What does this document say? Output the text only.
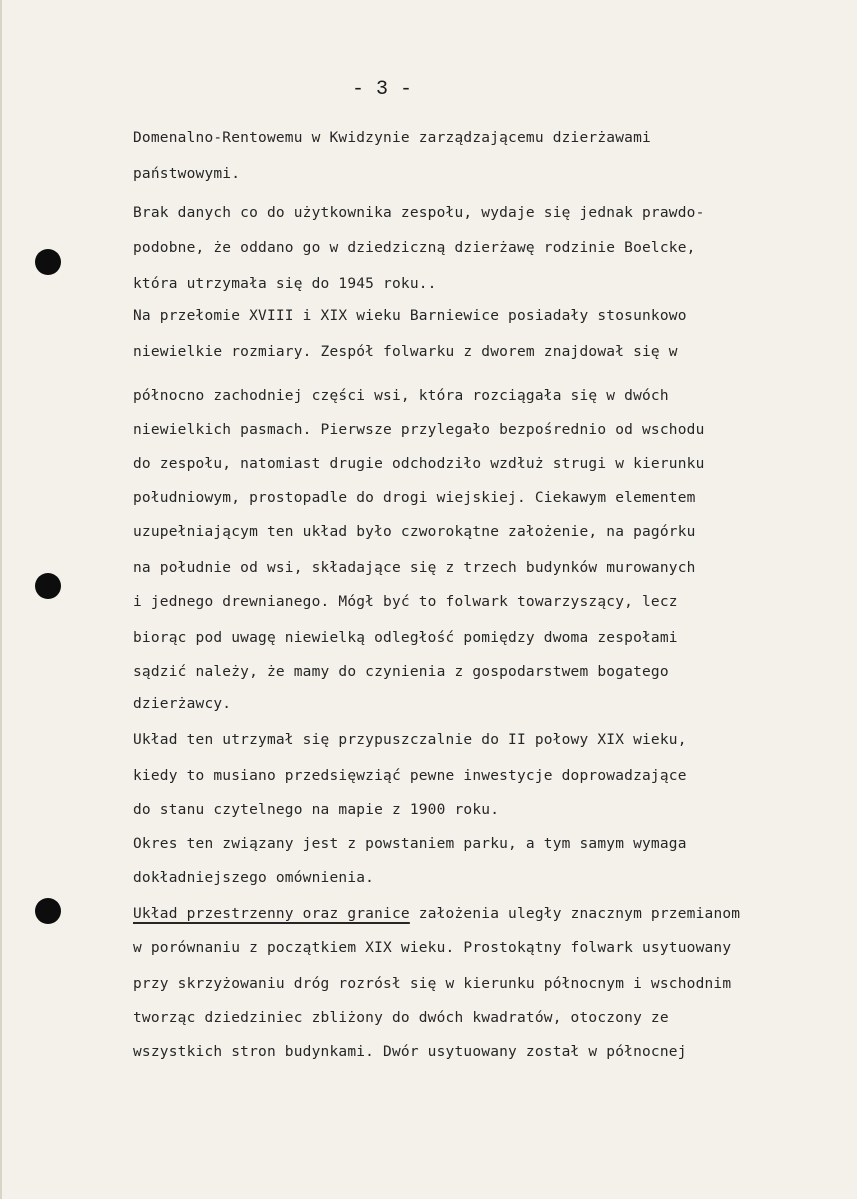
- 3 -
Domenalno-Rentowemu w Kwidzynie zarządzającemu dzierżawami
państwowymi.
Brak danych co do użytkownika zespołu, wydaje się jednak prawdo-
podobne, że oddano go w dziedziczną dzierżawę rodzinie Boelcke,
która utrzymała się do 1945 roku..
Na przełomie XVIII i XIX wieku Barniewice posiadały stosunkowo
niewielkie rozmiary. Zespół folwarku z dworem znajdował się w
północno zachodniej części wsi, która rozciągała się w dwóch
niewielkich pasmach. Pierwsze przylegało bezpośrednio od wschodu
do zespołu, natomiast drugie odchodziło wzdłuż strugi w kierunku
południowym, prostopadle do drogi wiejskiej. Ciekawym elementem
uzupełniającym ten układ było czworokątne założenie, na pagórku
na południe od wsi, składające się z trzech budynków murowanych
i jednego drewnianego. Mógł być to folwark towarzyszący, lecz
biorąc pod uwagę niewielką odległość pomiędzy dwoma zespołami
sądzić należy, że mamy do czynienia z gospodarstwem bogatego
dzierżawcy.
Układ ten utrzymał się przypuszczalnie do II połowy XIX wieku,
kiedy to musiano przedsięwziąć pewne inwestycje doprowadzające
do stanu czytelnego na mapie z 1900 roku.
Okres ten związany jest z powstaniem parku, a tym samym wymaga
dokładniejszego omównienia.
Układ przestrzenny oraz granice założenia uległy znacznym przemianom
w porównaniu z początkiem XIX wieku. Prostokątny folwark usytuowany
przy skrzyżowaniu dróg rozrósł się w kierunku północnym i wschodnim
tworząc dziedziniec zbliżony do dwóch kwadratów, otoczony ze
wszystkich stron budynkami. Dwór usytuowany został w północnej
